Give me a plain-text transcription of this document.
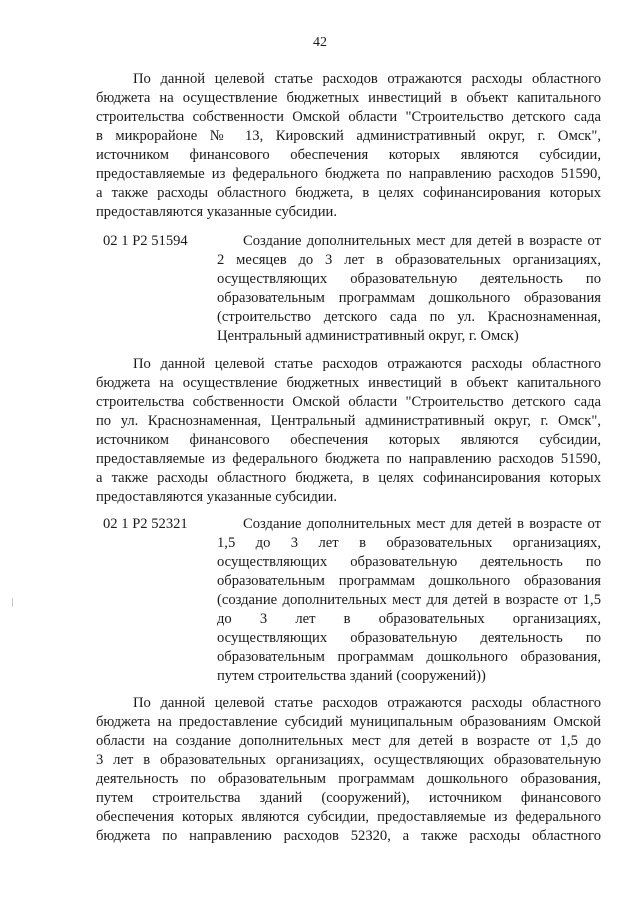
42
По данной целевой статье расходов отражаются расходы областного
бюджета на осуществление бюджетных инвестиций в объект капитального
строительства собственности Омской области "Строительство детского сада
в микрорайоне № 13, Кировский административный округ, г. Омск",
источником финансового обеспечения которых являются субсидии,
предоставляемые из федерального бюджета по направлению расходов 51590,
а также расходы областного бюджета, в целях софинансирования которых
предоставляются указанные субсидии.
02 1 P2 51594	Создание дополнительных мест для детей в возрасте от
2 месяцев до 3 лет в образовательных организациях,
осуществляющих образовательную деятельность по
образовательным программам дошкольного образования
(строительство детского сада по ул. Краснознаменная,
Центральный административный округ, г. Омск)
По данной целевой статье расходов отражаются расходы областного
бюджета на осуществление бюджетных инвестиций в объект капитального
строительства собственности Омской области "Строительство детского сада
по ул. Краснознаменная, Центральный административный округ, г. Омск",
источником финансового обеспечения которых являются субсидии,
предоставляемые из федерального бюджета по направлению расходов 51590,
а также расходы областного бюджета, в целях софинансирования которых
предоставляются указанные субсидии.
02 1 P2 52321	Создание дополнительных мест для детей в возрасте от
1,5 до 3 лет в образовательных организациях,
осуществляющих образовательную деятельность по
образовательным программам дошкольного образования
(создание дополнительных мест для детей в возрасте от 1,5
до 3 лет в образовательных организациях,
осуществляющих образовательную деятельность по
образовательным программам дошкольного образования,
путем строительства зданий (сооружений))
По данной целевой статье расходов отражаются расходы областного
бюджета на предоставление субсидий муниципальным образованиям Омской
области на создание дополнительных мест для детей в возрасте от 1,5 до
3 лет в образовательных организациях, осуществляющих образовательную
деятельность по образовательным программам дошкольного образования,
путем строительства зданий (сооружений), источником финансового
обеспечения которых являются субсидии, предоставляемые из федерального
бюджета по направлению расходов 52320, а также расходы областного
